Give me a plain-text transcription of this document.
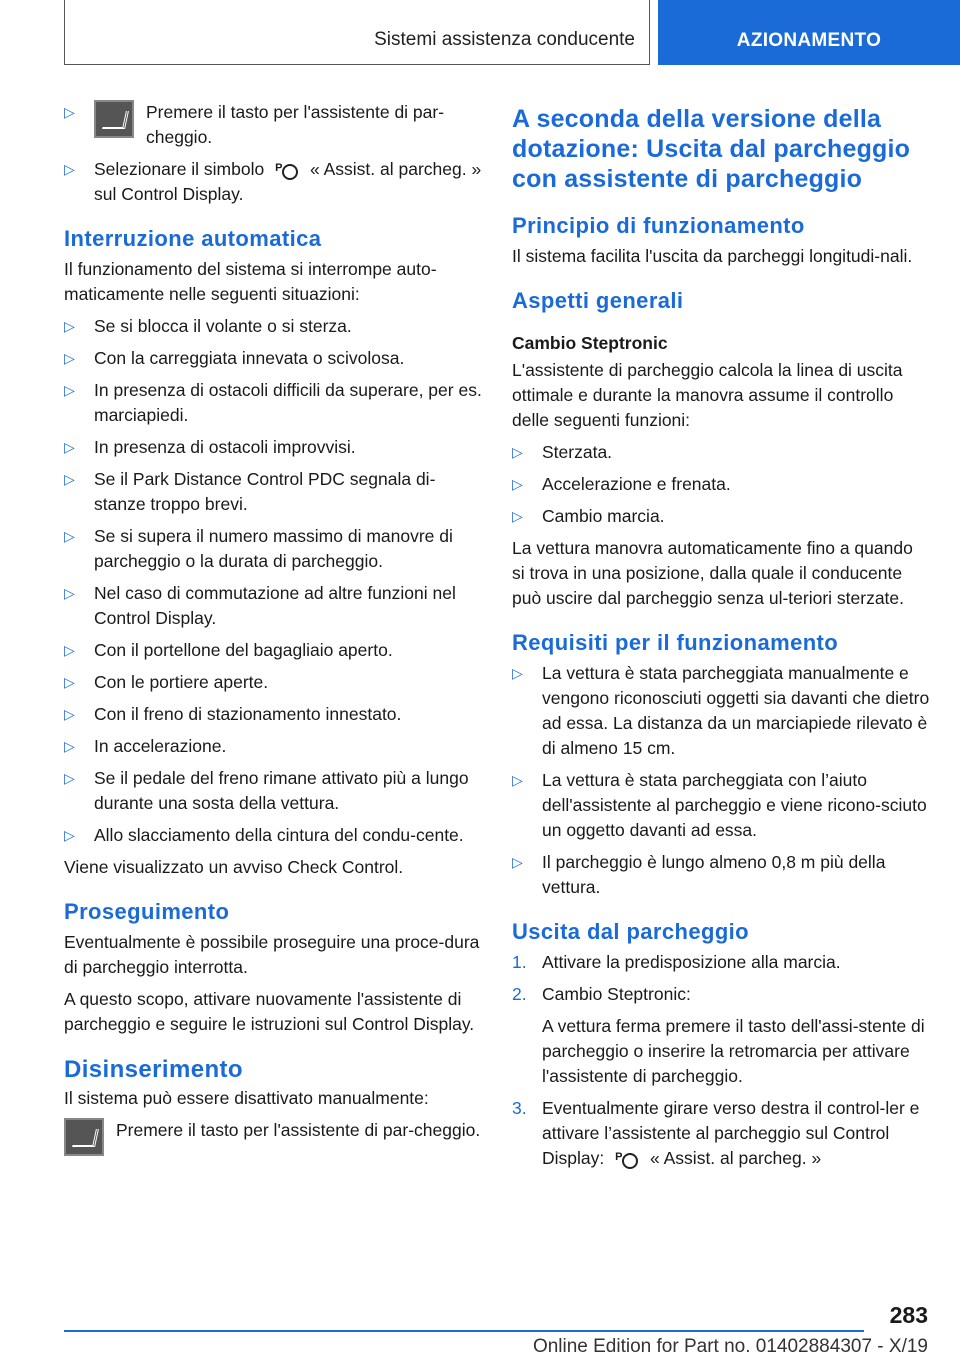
Sistemi assistenza conducente	AZIONAMENTO
▷	Premere il tasto per l'assistente di par-cheggio.
▷ Selezionare il simbolo P	« Assist. al parcheg. » sul Control Display.
Interruzione automatica

Il funzionamento del sistema si interrompe auto-maticamente nelle seguenti situazioni:

▷ Se si blocca il volante o si sterza.
▷ Con la carreggiata innevata o scivolosa.
▷ In presenza di ostacoli difficili da superare, per es. marciapiedi.
▷ In presenza di ostacoli improvvisi.
▷ Se il Park Distance Control PDC segnala di-stanze troppo brevi.
▷ Se si supera il numero massimo di manovre di parcheggio o la durata di parcheggio.
▷ Nel caso di commutazione ad altre funzioni nel Control Display.
▷ Con il portellone del bagagliaio aperto.
▷ Con le portiere aperte.
▷ Con il freno di stazionamento innestato.
▷ In accelerazione.
▷ Se il pedale del freno rimane attivato più a lungo durante una sosta della vettura.
▷ Allo slacciamento della cintura del condu-cente.

Viene visualizzato un avviso Check Control.

Proseguimento

Eventualmente è possibile proseguire una proce-dura di parcheggio interrotta.

A questo scopo, attivare nuovamente l'assistente di parcheggio e seguire le istruzioni sul Control Display.

Disinserimento

Il sistema può essere disattivato manualmente:

Premere il tasto per l'assistente di par-cheggio.
A seconda della versione della dotazione: Uscita dal parcheggio con assistente di parcheggio
Principio di funzionamento

Il sistema facilita l'uscita da parcheggi longitudi-nali.

Aspetti generali
Cambio Steptronic

L'assistente di parcheggio calcola la linea di uscita ottimale e durante la manovra assume il controllo delle seguenti funzioni:

▷ Sterzata.
▷ Accelerazione e frenata.
▷ Cambio marcia.

La vettura manovra automaticamente fino a quando si trova in una posizione, dalla quale il conducente può uscire dal parcheggio senza ul-teriori sterzate.

Requisiti per il funzionamento
▷ La vettura è stata parcheggiata manualmente e vengono riconosciuti oggetti sia davanti che dietro ad essa. La distanza da un marciapiede rilevato è di almeno 15 cm.
▷ La vettura è stata parcheggiata con l’aiuto dell'assistente al parcheggio e viene ricono-sciuto un oggetto davanti ad essa.
▷ Il parcheggio è lungo almeno 0,8 m più della vettura.
Uscita dal parcheggio
1. Attivare la predisposizione alla marcia.
2. Cambio Steptronic:
A vettura ferma premere il tasto dell'assi-stente di parcheggio o inserire la retromarcia per attivare l'assistente di parcheggio.
3. Eventualmente girare verso destra il control-ler e attivare l’assistente al parcheggio sul Control Display: P	« Assist. al parcheg. »
283
Online Edition for Part no. 01402884307 - X/19
